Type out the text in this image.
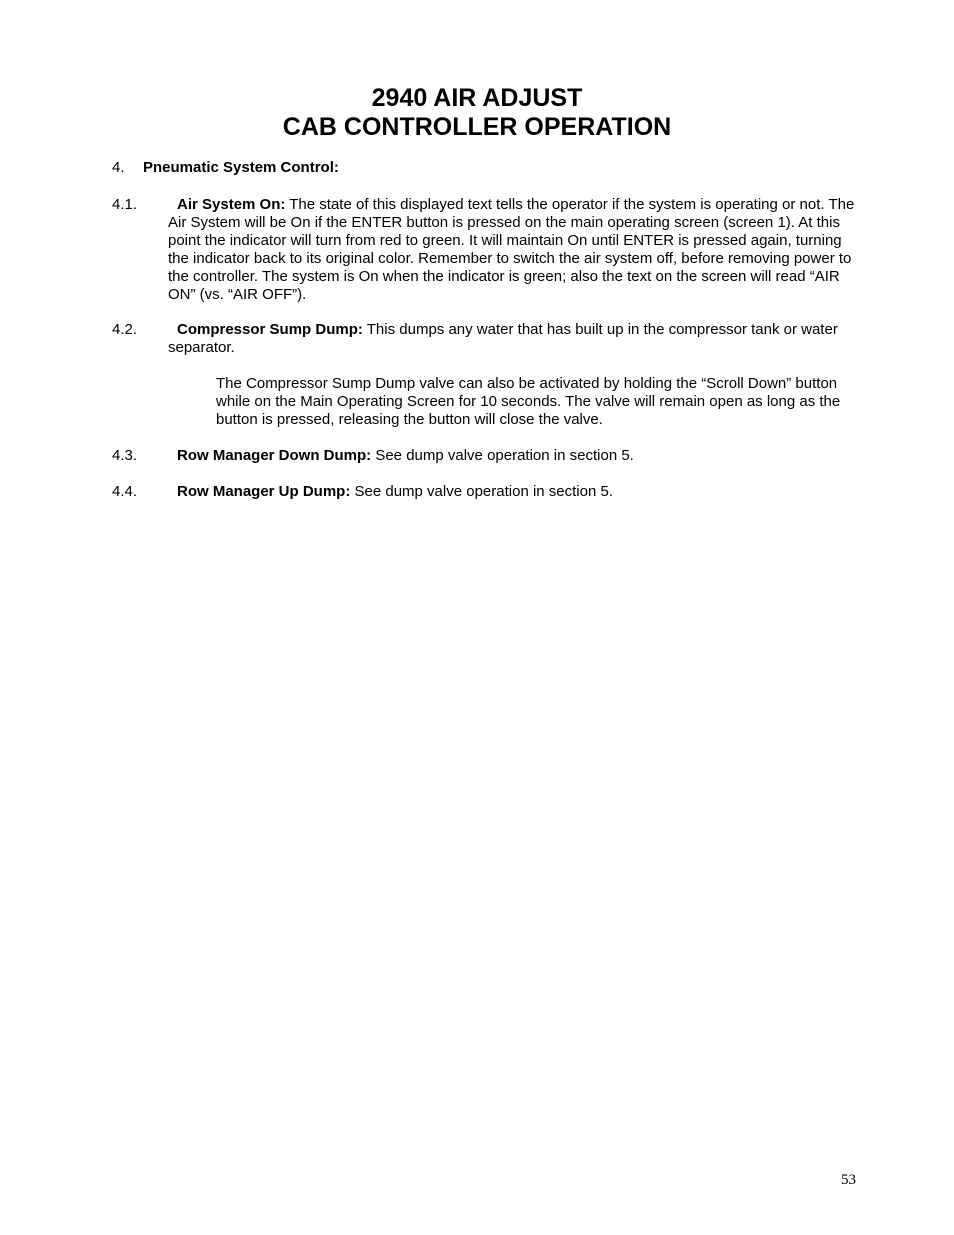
2940 AIR ADJUST
CAB CONTROLLER OPERATION
4. Pneumatic System Control:
4.1.	Air System On: The state of this displayed text tells the operator if the system is operating or not. The Air System will be On if the ENTER button is pressed on the main operating screen (screen 1). At this point the indicator will turn from red to green. It will maintain On until ENTER is pressed again, turning the indicator back to its original color. Remember to switch the air system off, before removing power to the controller. The system is On when the indicator is green; also the text on the screen will read “AIR ON” (vs. “AIR OFF”).

4.2.	Compressor Sump Dump: This dumps any water that has built up in the compressor tank or water separator.

The Compressor Sump Dump valve can also be activated by holding the “Scroll Down” button while on the Main Operating Screen for 10 seconds. The valve will remain open as long as the button is pressed, releasing the button will close the valve.

4.3.	Row Manager Down Dump: See dump valve operation in section 5.

4.4.	Row Manager Up Dump: See dump valve operation in section 5.

53
